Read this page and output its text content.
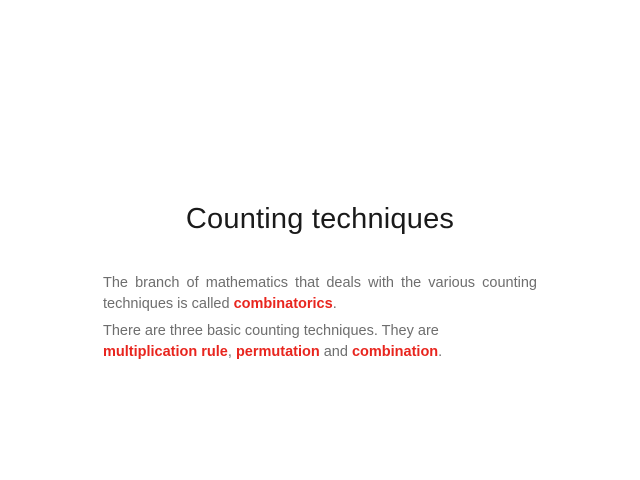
Counting techniques

The branch of mathematics that deals with the various counting techniques is called combinatorics.

There are three basic counting techniques. They are multiplication rule, permutation and combination.
